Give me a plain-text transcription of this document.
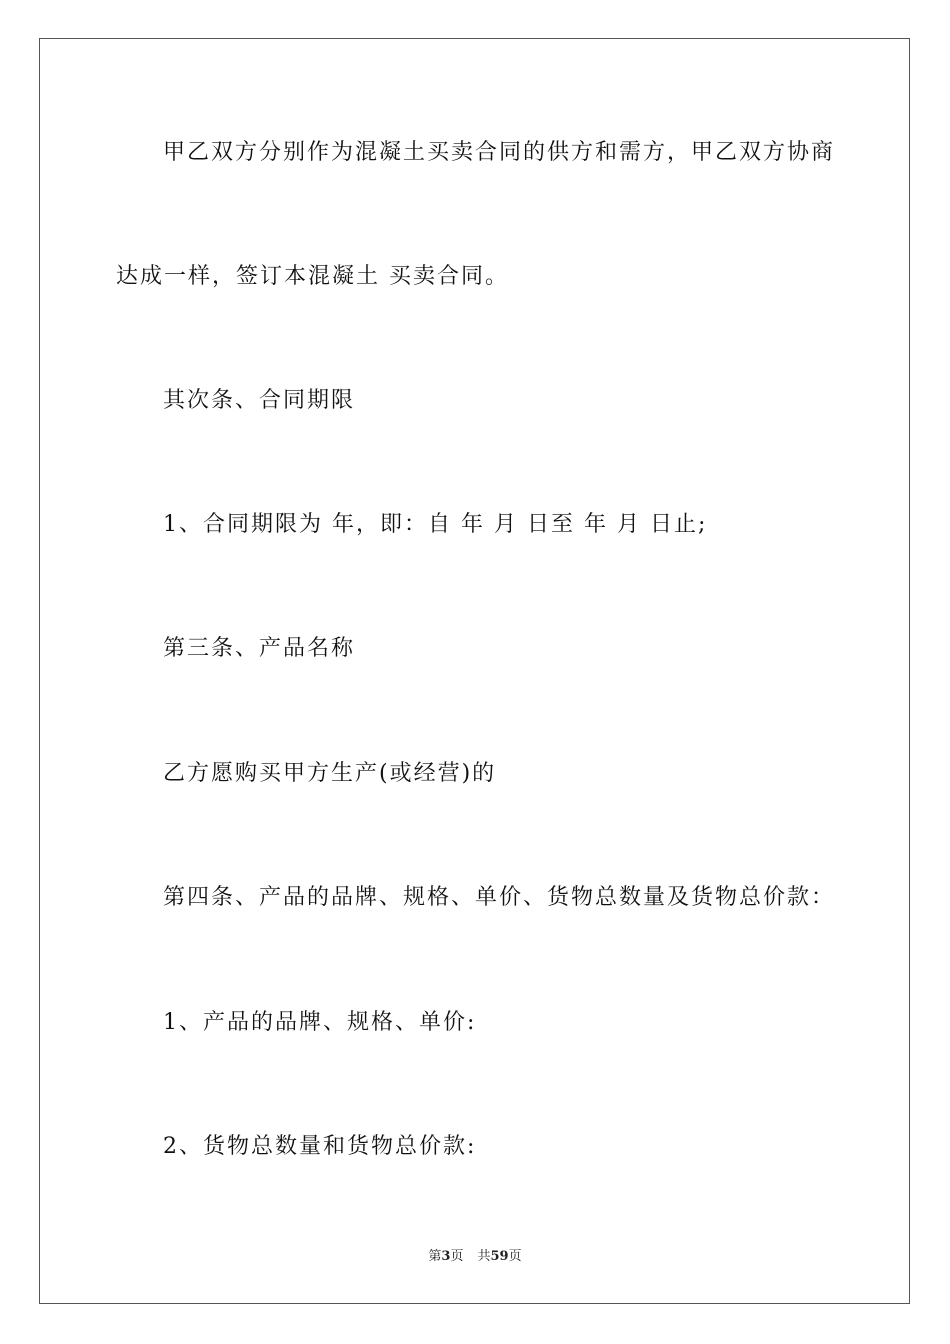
甲乙双方分别作为混凝土买卖合同的供方和需方，甲乙双方协商
达成一样，签订本混凝土 买卖合同。
其次条、合同期限
1、合同期限为 年，即：自 年 月 日至 年 月 日止;
第三条、产品名称
乙方愿购买甲方生产(或经营)的
第四条、产品的品牌、规格、单价、货物总数量及货物总价款：
1、产品的品牌、规格、单价:
2、货物总数量和货物总价款:
第3页 共59页
